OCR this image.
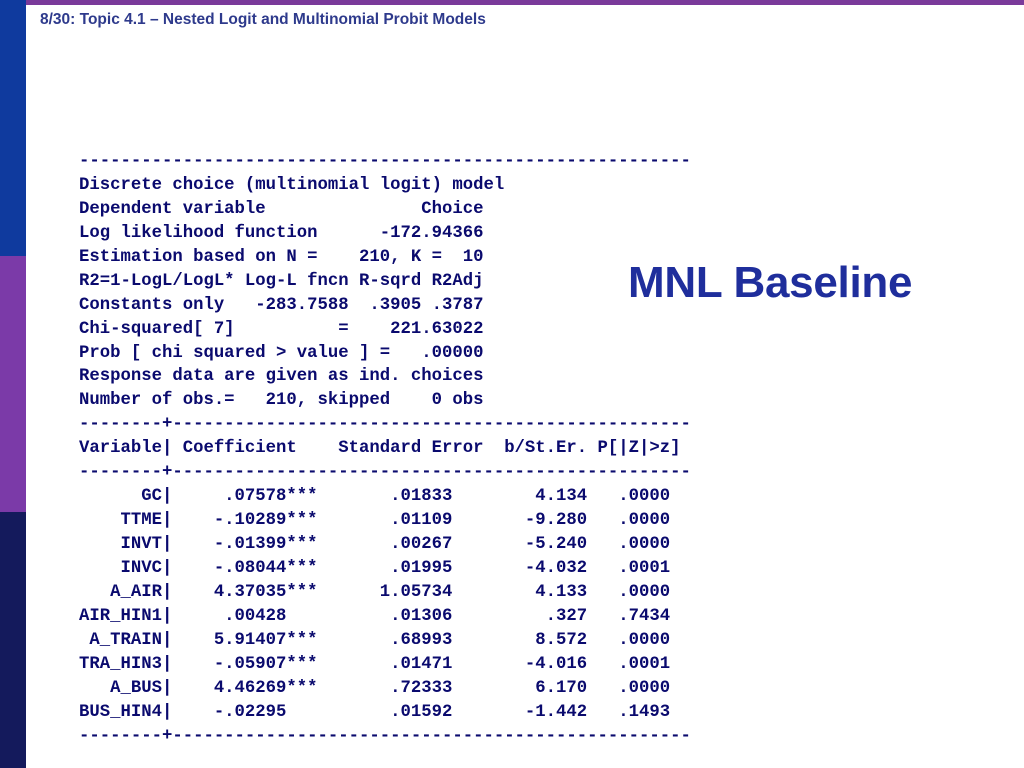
8/30: Topic 4.1 – Nested Logit and Multinomial Probit Models
-----------------------------------------------------------
Discrete choice (multinomial logit) model
Dependent variable               Choice
Log likelihood function      -172.94366
Estimation based on N =    210, K =  10
R2=1-LogL/LogL* Log-L fncn R-sqrd R2Adj
Constants only   -283.7588  .3905 .3787
Chi-squared[ 7]          =    221.63022
Prob [ chi squared > value ] =   .00000
Response data are given as ind. choices
Number of obs.=   210, skipped    0 obs
--------+--------------------------------------------------
Variable| Coefficient    Standard Error  b/St.Er. P[|Z|>z]
--------+--------------------------------------------------
GC|     .07578***       .01833        4.134   .0000
TTME|    -.10289***       .01109       -9.280   .0000
INVT|    -.01399***       .00267       -5.240   .0000
INVC|    -.08044***       .01995       -4.032   .0001
A_AIR|    4.37035***      1.05734        4.133   .0000
AIR_HIN1|     .00428          .01306         .327   .7434
A_TRAIN|    5.91407***       .68993        8.572   .0000
TRA_HIN3|    -.05907***       .01471       -4.016   .0001
A_BUS|    4.46269***       .72333        6.170   .0000
BUS_HIN4|    -.02295          .01592       -1.442   .1493
--------+--------------------------------------------------
MNL Baseline
